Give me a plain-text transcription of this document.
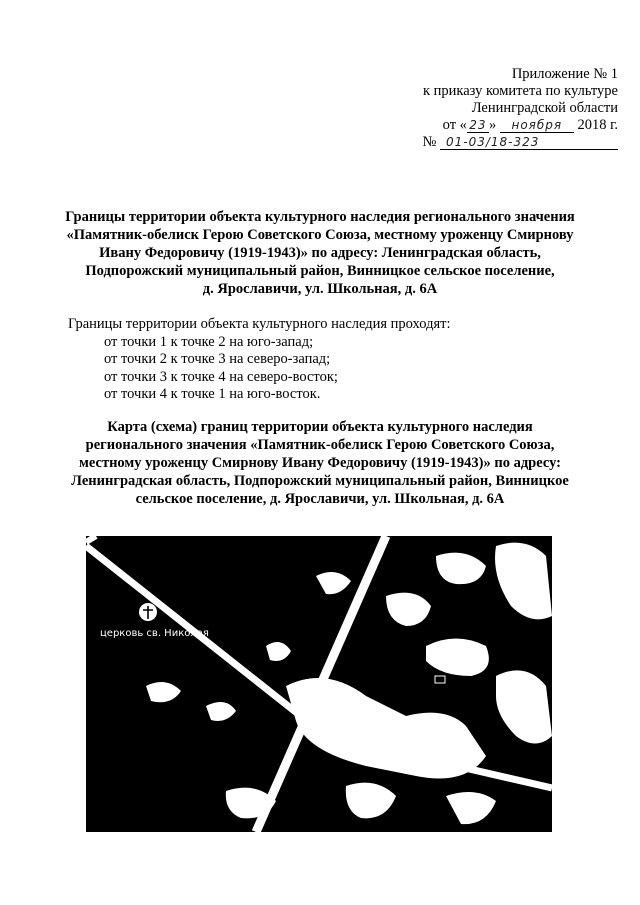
Приложение № 1
к приказу комитета по культуре
Ленинградской области
от « 23 » ноября 2018 г.
№ 01-03/18-323
Границы территории объекта культурного наследия регионального значения
«Памятник-обелиск Герою Советского Союза, местному уроженцу Смирнову
Ивану Федоровичу (1919-1943)» по адресу: Ленинградская область,
Подпорожский муниципальный район, Винницкое сельское поселение,
д. Ярославичи, ул. Школьная, д. 6А
Границы территории объекта культурного наследия проходят:
от точки 1 к точке 2 на юго-запад;
от точки 2 к точке 3 на северо-запад;
от точки 3 к точке 4 на северо-восток;
от точки 4 к точке 1 на юго-восток.
Карта (схема) границ территории объекта культурного наследия
регионального значения «Памятник-обелиск Герою Советского Союза,
местному уроженцу Смирнову Ивану Федоровичу (1919-1943)» по адресу:
Ленинградская область, Подпорожский муниципальный район, Винницкое
сельское поселение, д. Ярославичи, ул. Школьная, д. 6А
церковь св. Николая
